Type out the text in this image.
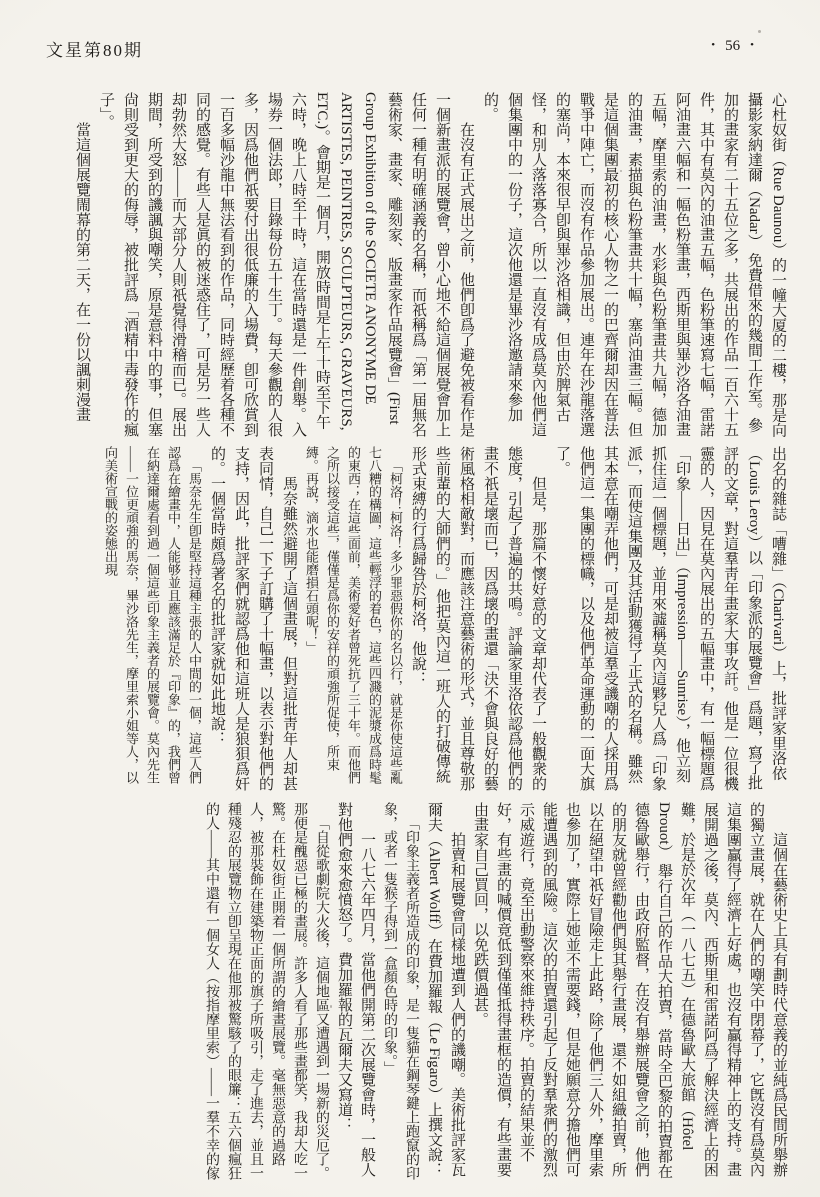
文星第80期	• 56 •

心杜奴街（Rue Daunou）的一幢大厦的二樓，那是向攝影家納達爾（Nadar） 免費借來的幾間工作室。參加的畫家有二十五位之多，共展出的作品一百六十五件，其中有莫內的油畫五幅，色粉筆速寫七幅，雷諾阿油畫六幅和一幅色粉筆畫，西斯里與畢沙洛各油畫五幅，摩里索的油畫，水彩與色粉筆畫共九幅，德加的油畫，素描與色粉筆畫共十幅，塞尚油畫三幅。但是這個集團最初的核心人物之一的巴齊爾却因在普法戰爭中陣亡，而沒有作品參加展出。連年在沙龍落選的塞尚，本來很早卽與畢沙洛相識，但由於脾氣古怪，和別人落落寡合，所以一直沒有成爲莫內他們這個集團中的一份子，這次他還是畢沙洛邀請來參加的。

在沒有正式展出之前，他們卽爲了避免被看作是一個新畫派的展覽會，曾小心地不給這個展覺會加上任何一種有明確涵義的名稱，而祇稱爲「第一届無名藝術家、畫家、雕刻家、版畫家作品展覽會」(First Group Exhibition of the SOCIETE ANONYME DE ARTISTES, PEINTRES, SCULPTEURS, GRAVEURS, ETC.)。會期是一個月，開放時間是上午十時至下午六時，晚上八時至十時，這在當時還是一件創舉。入場券一個法郎，目錄每份五十生丁。每天參觀的人很多，因爲他們祇要付出很低廉的入場費，卽可欣賞到一百多幅沙龍中無法看到的作品，同時經歷着各種不同的感覺。有些人是眞的被迷惑住了，可是另一些人却勃然大怒——而大部分人則祇覺得滑稽而已。展出期間，所受到的譏諷與嘲笑，原是意料中的事，但塞尙則受到更大的侮辱，被批評爲「酒精中毒發作的瘋子」。

當這個展覽閙幕的第二天，在一份以諷刺漫畫

出名的雜誌「嘈雜」（Charivari）上，批評家里洛依（Louis Leroy）以「印象派的展覽會」爲題，寫了批評的文章，對這羣靑年畫家大事攻訐。他是一位很機靈的人，因見在莫內展出的五幅畫中，有一幅標題爲「印象——日出」（Impression——Sunrise），他立刻抓住這一個標題，並用來譃稱莫內這夥兒人爲「印象派」，而使這集團及其活動獲得了正式的名稱。雖然其本意在嘲弄他們，可是却被這羣受譏嘲的人採用爲他們這一集團的標幟，以及他們革命運動的一面大旗了。

但是，那篇不懷好意的文章却代表了一般觀衆的態度，引起了普遍的共鳴。評論家里洛依認爲他們的畫不祇是壞而已，因爲壞的畫還「決不會與良好的藝術風格相敵對，而應該注意藝術的形式，並且尊敬那些前輩的大師們的。」他把莫內這一班人的打破傳統形式束縛的行爲歸咎於柯洛，他說：

「柯洛！柯洛！多少罪惡假你的名以行，就是你使這些亂七八糟的構圖，這些輕浮的着色，這些四濺的泥漿成爲時髦的東西；在這些面前，美術愛好者曾死抗了三十年。而他們之所以接受這些，僅僅是爲你的安祥的頑強所促使，所束縛。再說，滴水也能磨損石頭呢！」

馬奈雖然避開了這個畫展，但對這批靑年人却甚表同情，自己一下子訂購了十幅畫，以表示對他們的支持，因此，批評家們就認爲他和這班人是狼狽爲奸的。一個當時頗爲著名的批評家就如此地說：

「馬奈先生卽是堅持這種主張的人中間的一個，這些人們認爲在繪畫中，人能够並且應該滿足於『印象』的，我們曾在納達爾處看到過一個這些印象主義者的展覽會。莫內先生——一位更頑強的馬奈，畢沙洛先生，摩里索小姐等人，以向美術宣戰的姿態出現

這個在藝術史上具有劃時代意義的並純爲民間所舉辦的獨立畫展，就在人們的嘲笑中閉幕了，它旣沒有爲莫內這集團贏得了經濟上好處，也沒有贏得精神上的支持。畫展開過之後，莫內、西斯里和雷諾阿爲了解決經濟上的困難，於是於次年（一八七五）在德魯歐大旅館（Hôtel Drouot） 舉行自己的作品大拍賣，當時全巴黎的拍賣都在德魯歐舉行，由政府監督，在沒有舉辦展覽會之前，他們的朋友就曾經勸他們與其舉行畫展，還不如組織拍賣，所以在絕望中祇好冒險走上此路，除了他們三人外，摩里索也參加了，實際上她並不需要錢，但是她願意分擔他們可能遭遇到的風險。這次的拍賣還引起了反對羣衆們的激烈示威遊行，竟至出動警察來維持秩序。拍賣的結果並不好，有些畫的喊價竟低到僅僅抵得畫框的造價，有些畫要由畫家自己買回，以免跌價過甚。

拍賣和展覽會同樣地遭到人們的譏嘲。美術批評家瓦爾夫（Albert Wolff）在費加羅報（Le Figaro）上撰文說：

「印象主義者所造成的印象，是一隻貓在鋼琴鍵上跑竄的印象，或者一隻猴子得到一盒顏色時的印象。」

一八七六年四月，當他們開第二次展覽會時，一般人對他們愈來愈憤怒了。費加羅報的瓦爾夫又寫道：

「自從歌劇院大火後，這個地區又遭遇到一場新的災厄了。那便是醜惡已極的畫展。許多人看了那些畫都笑，我却大吃一驚。在杜奴街正開着一個所謂的繪畫展覽。毫無惡意的過路人，被那裝飾在建築物正面的旗子所吸引，走了進去，並且一種殘忍的展覽物立卽呈現在他那被驚駭了的眼簾：五六個瘋狂的人——其中還有一個女人（按指摩里索）——一羣不幸的傢
